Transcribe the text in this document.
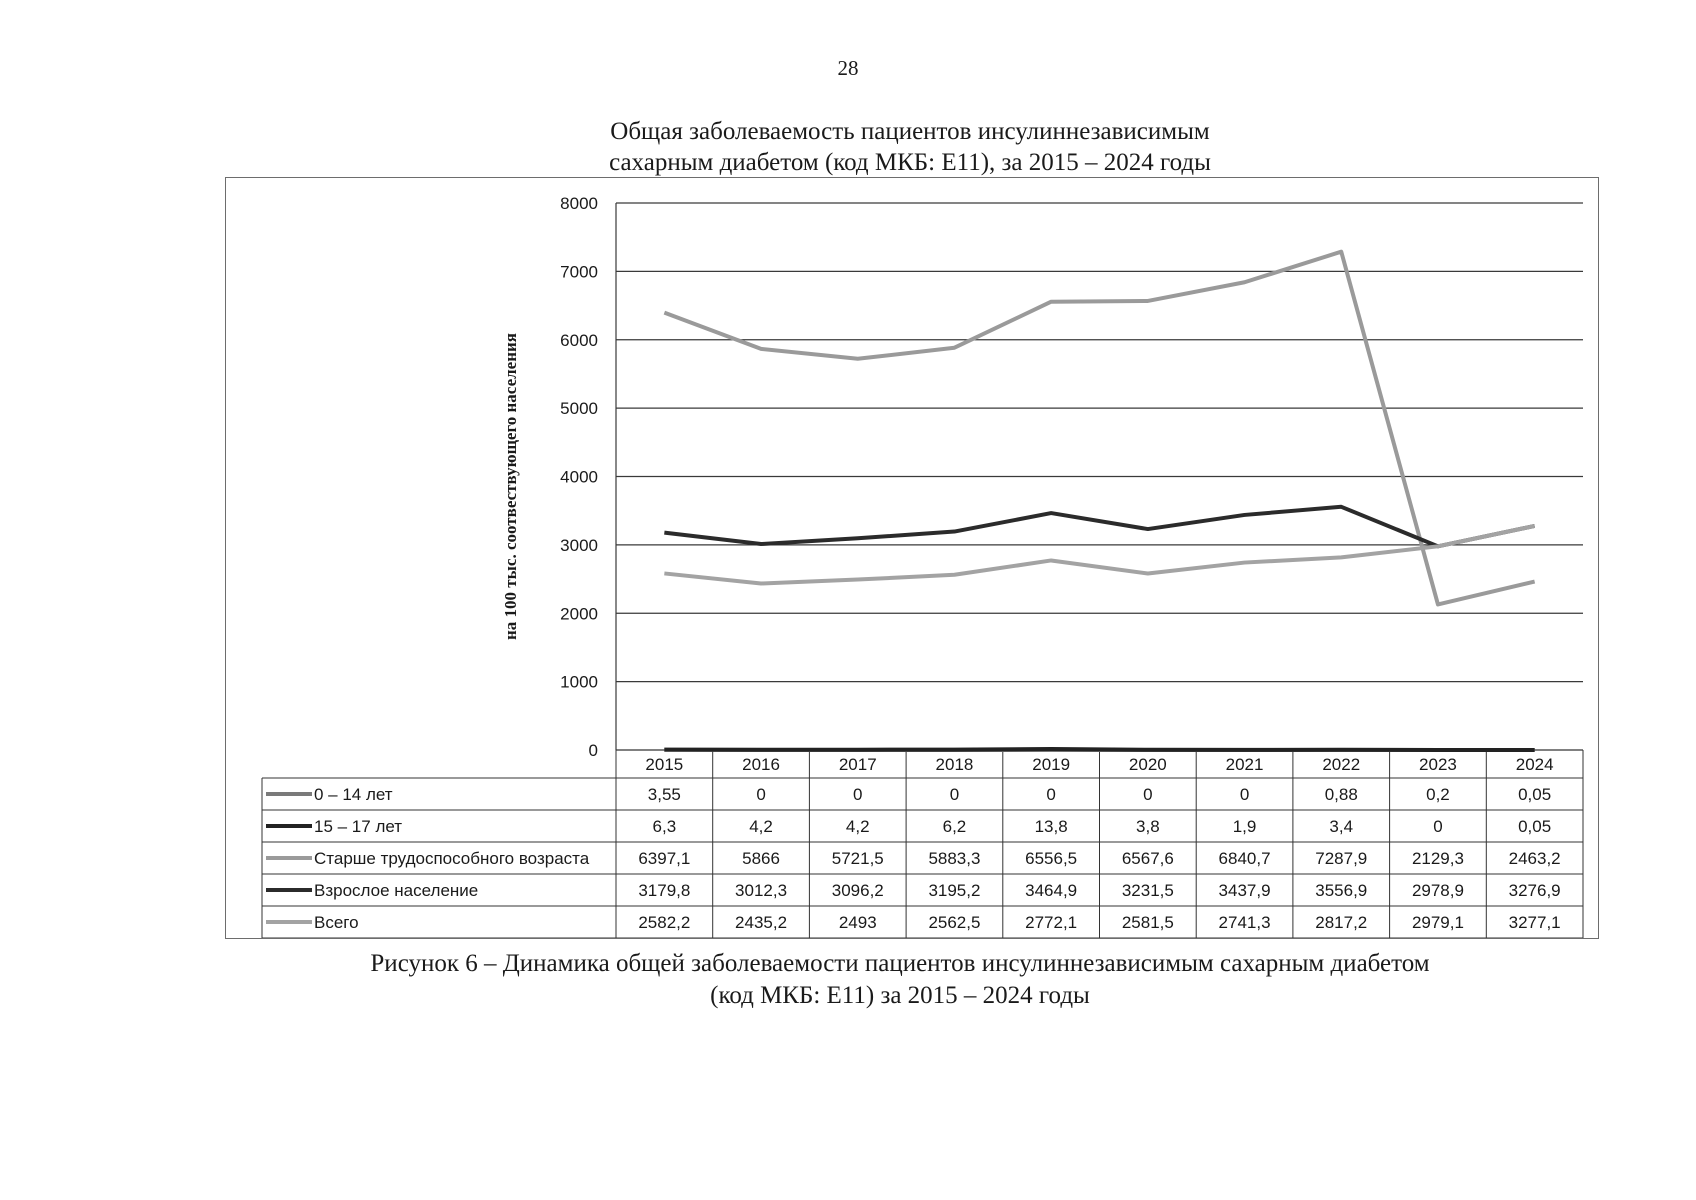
28
Общая заболеваемость пациентов инсулиннезависимым
сахарным диабетом (код МКБ: Е11), за 2015 – 2024 годы
8000
7000
6000
5000
4000
3000
2000
1000
0
на 100 тыс. соотвествующего населения
2015	2016	2017	2018	2019	2020	2021	2022	2023	2024
0 – 14 лет	3,55	0	0	0	0	0	0	0,88	0,2	0,05
15 – 17 лет	6,3	4,2	4,2	6,2	13,8	3,8	1,9	3,4	0	0,05
Старше трудоспособного возраста	6397,1	5866	5721,5	5883,3	6556,5	6567,6	6840,7	7287,9	2129,3	2463,2
Взрослое население	3179,8	3012,3	3096,2	3195,2	3464,9	3231,5	3437,9	3556,9	2978,9	3276,9
Всего	2582,2	2435,2	2493	2562,5	2772,1	2581,5	2741,3	2817,2	2979,1	3277,1
Рисунок 6 – Динамика общей заболеваемости пациентов инсулиннезависимым сахарным диабетом
(код МКБ: Е11) за 2015 – 2024 годы
